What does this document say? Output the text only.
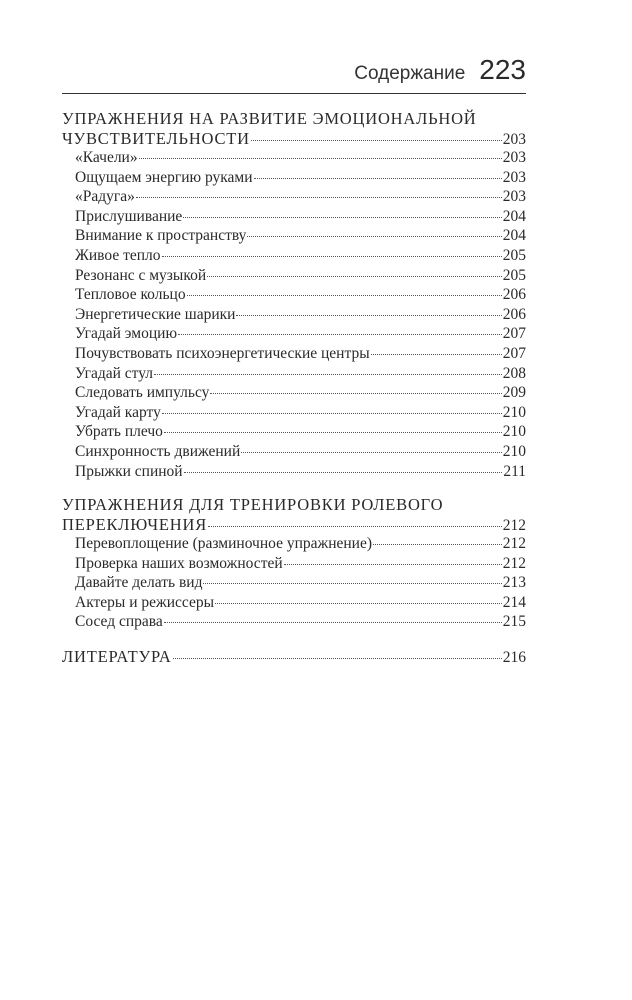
Содержание 223
УПРАЖНЕНИЯ НА РАЗВИТИЕ ЭМОЦИОНАЛЬНОЙ
ЧУВСТВИТЕЛЬНОСТИ	203
«Качели»	203
Ощущаем энергию руками	203
«Радуга»	203
Прислушивание	204
Внимание к пространству	204
Живое тепло	205
Резонанс с музыкой	205
Тепловое кольцо	206
Энергетические шарики	206
Угадай эмоцию	207
Почувствовать психоэнергетические центры	207
Угадай стул	208
Следовать импульсу	209
Угадай карту	210
Убрать плечо	210
Синхронность движений	210
Прыжки спиной	211
УПРАЖНЕНИЯ ДЛЯ ТРЕНИРОВКИ РОЛЕВОГО
ПЕРЕКЛЮЧЕНИЯ	212
Перевоплощение (разминочное упражнение)	212
Проверка наших возможностей	212
Давайте делать вид	213
Актеры и режиссеры	214
Сосед справа	215
ЛИТЕРАТУРА	216
